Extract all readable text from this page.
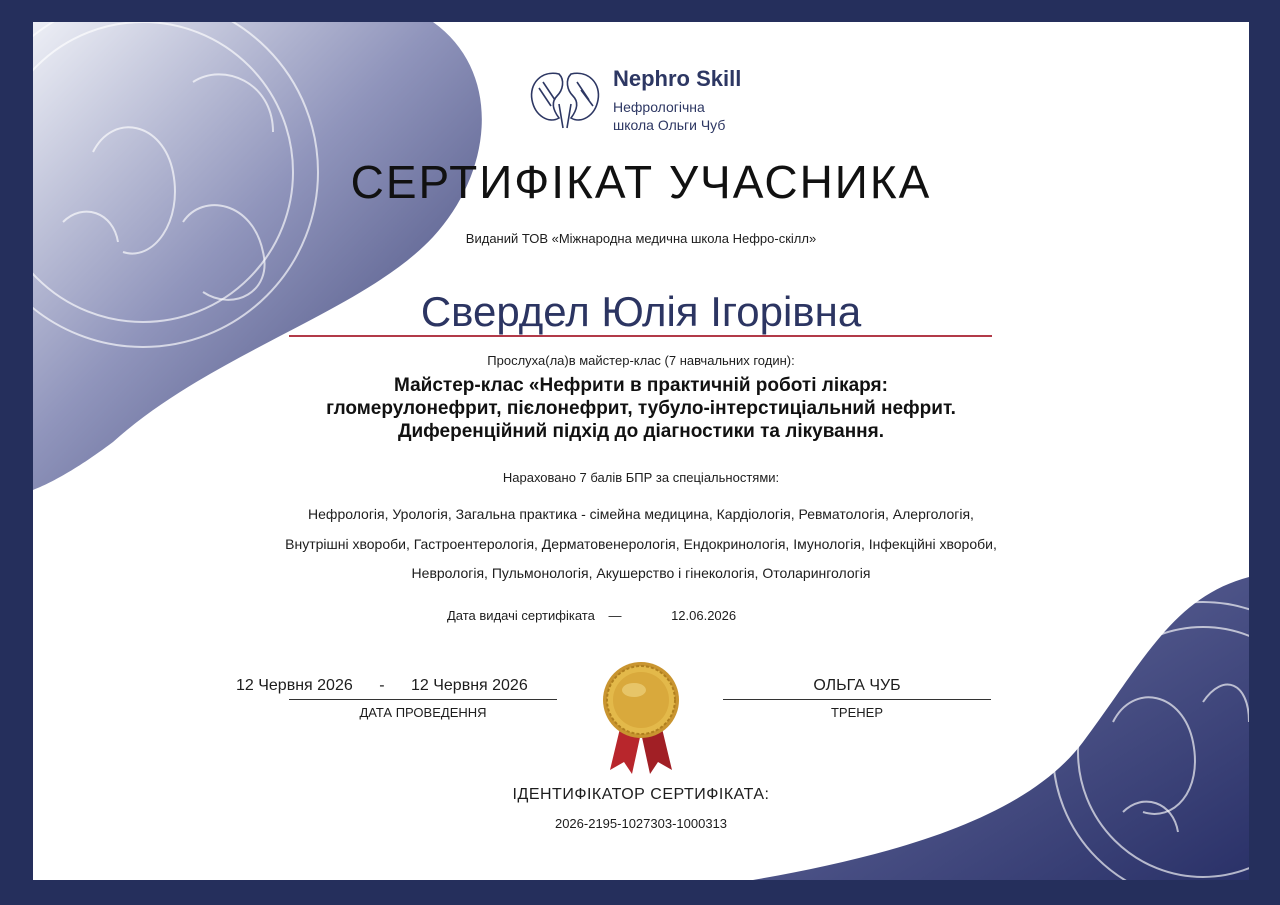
Nephro Skill
Нефрологічна
школа Ольги Чуб
СЕРТИФІКАТ УЧАСНИКА
Виданий ТОВ «Міжнародна медична школа Нефро-скілл»
Свердел Юлія Ігорівна
Прослуха(ла)в майстер-клас (7 навчальних годин):
Майстер-клас «Нефрити в практичній роботі лікаря:
гломерулонефрит, пієлонефрит, тубуло-інтерстиціальний нефрит.
Диференційний підхід до діагностики та лікування.
Нараховано 7 балів БПР за спеціальностями:
Нефрологія, Урологія, Загальна практика - сімейна медицина, Кардіологія, Ревматологія, Алергологія,
Внутрішні хвороби, Гастроентерологія, Дерматовенерологія, Ендокринологія, Імунологія, Інфекційні хвороби,
Неврологія, Пульмонологія, Акушерство і гінекологія, Отоларингологія
Дата видачі сертифіката —	12.06.2026
12 Червня 2026 - 12 Червня 2026
ДАТА ПРОВЕДЕННЯ
ОЛЬГА ЧУБ
ТРЕНЕР
ІДЕНТИФІКАТОР СЕРТИФІКАТА:
2026-2195-1027303-1000313
